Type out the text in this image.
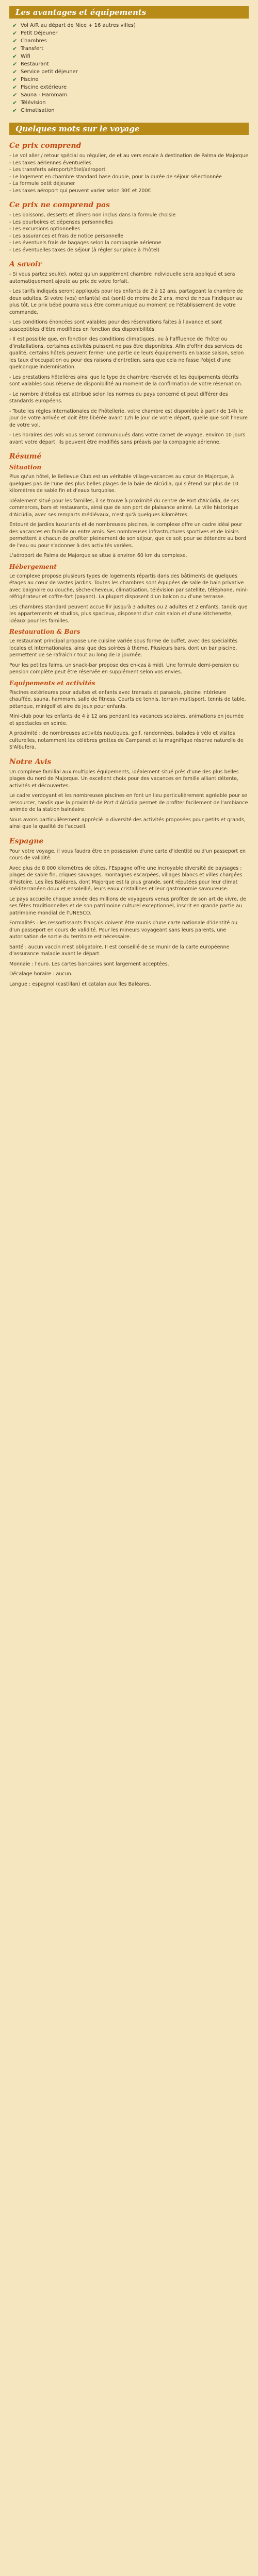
Les avantages et équipements
✔ Vol A/R au départ de Nice + 16 autres villes)
✔ Petit Déjeuner
✔ Chambres
✔ Transfert
✔ Wifi
✔ Restaurant
✔ Service petit déjeuner
✔ Piscine
✔ Piscine extérieure
✔ Sauna - Hammam
✔ Télévision
✔ Climatisation
Quelques mots sur le voyage
Ce prix comprend
- Le vol aller / retour spécial ou régulier, de et au vers escale à destination de Palma de Majorque
- Les taxes aériennes éventuelles
- Les transferts aéroport/hôtel/aéroport
- Le logement en chambre standard base double, pour la durée de séjour sélectionnée
- La formule petit déjeuner
- Les taxes aéroport qui peuvent varier selon 30€ et 200€
Ce prix ne comprend pas
- Les boissons, desserts et dîners non inclus dans la formule choisie
- Les pourboires et dépenses personnelles
- Les excursions optionnelles
- Les assurances et frais de notice personnelle
- Les éventuels frais de bagages selon la compagnie aérienne
- Les éventuelles taxes de séjour (à régler sur place à l'hôtel)
A savoir

- Si vous partez seul(e), notez qu'un supplément chambre individuelle sera appliqué et sera automatiquement ajouté au prix de votre forfait.

- Les tarifs indiqués seront appliqués pour les enfants de 2 à 12 ans, partageant la chambre de deux adultes. Si votre (vos) enfant(s) est (sont) de moins de 2 ans, merci de nous l'indiquer au plus tôt. Le prix bébé pourra vous être communiqué au moment de l'établissement de votre commande.

- Les conditions énoncées sont valables pour des réservations faites à l'avance et sont susceptibles d'être modifiées en fonction des disponibilités.

- Il est possible que, en fonction des conditions climatiques, ou à l'affluence de l'hôtel ou d'installations, certaines activités puissent ne pas être disponibles. Afin d'offrir des services de qualité, certains hôtels peuvent fermer une partie de leurs équipements en basse saison, selon les taux d'occupation ou pour des raisons d'entretien, sans que cela ne fasse l'objet d'une quelconque indemnisation.

- Les prestations hôtelières ainsi que le type de chambre réservée et les équipements décrits sont valables sous réserve de disponibilité au moment de la confirmation de votre réservation.

- Le nombre d'étoiles est attribué selon les normes du pays concerné et peut différer des standards européens.

- Toute les règles internationales de l'hôtellerie, votre chambre est disponible à partir de 14h le jour de votre arrivée et doit être libérée avant 12h le jour de votre départ, quelle que soit l'heure de votre vol.

- Les horaires des vols vous seront communiqués dans votre carnet de voyage, environ 10 jours avant votre départ. Ils peuvent être modifiés sans préavis par la compagnie aérienne.

Résumé
Situation

Plus qu'un hôtel, le Bellevue Club est un véritable village-vacances au cœur de Majorque, à quelques pas de l'une des plus belles plages de la baie de Alcúdia, qui s'étend sur plus de 10 kilomètres de sable fin et d'eaux turquoise.

Idéalement situé pour les familles, il se trouve à proximité du centre de Port d'Alcúdia, de ses commerces, bars et restaurants, ainsi que de son port de plaisance animé. La ville historique d'Alcúdia, avec ses remparts médiévaux, n'est qu'à quelques kilomètres.

Entouré de jardins luxuriants et de nombreuses piscines, le complexe offre un cadre idéal pour des vacances en famille ou entre amis. Ses nombreuses infrastructures sportives et de loisirs permettent à chacun de profiter pleinement de son séjour, que ce soit pour se détendre au bord de l'eau ou pour s'adonner à des activités variées.

L'aéroport de Palma de Majorque se situe à environ 60 km du complexe.

Hébergement

Le complexe propose plusieurs types de logements répartis dans des bâtiments de quelques étages au cœur de vastes jardins. Toutes les chambres sont équipées de salle de bain privative avec baignoire ou douche, sèche-cheveux, climatisation, télévision par satellite, téléphone, mini-réfrigérateur et coffre-fort (payant). La plupart disposent d'un balcon ou d'une terrasse.

Les chambres standard peuvent accueillir jusqu'à 3 adultes ou 2 adultes et 2 enfants, tandis que les appartements et studios, plus spacieux, disposent d'un coin salon et d'une kitchenette, idéaux pour les familles.

Restauration & Bars

Le restaurant principal propose une cuisine variée sous forme de buffet, avec des spécialités locales et internationales, ainsi que des soirées à thème. Plusieurs bars, dont un bar piscine, permettent de se rafraîchir tout au long de la journée.

Pour les petites faims, un snack-bar propose des en-cas à midi. Une formule demi-pension ou pension complète peut être réservée en supplément selon vos envies.

Equipements et activités

Piscines extérieures pour adultes et enfants avec transats et parasols, piscine intérieure chauffée, sauna, hammam, salle de fitness. Courts de tennis, terrain multisport, tennis de table, pétanque, minigolf et aire de jeux pour enfants.

Mini-club pour les enfants de 4 à 12 ans pendant les vacances scolaires, animations en journée et spectacles en soirée.

A proximité : de nombreuses activités nautiques, golf, randonnées, balades à vélo et visites culturelles, notamment les célèbres grottes de Campanet et la magnifique réserve naturelle de S'Albufera.

Notre Avis

Un complexe familial aux multiples équipements, idéalement situé près d'une des plus belles plages du nord de Majorque. Un excellent choix pour des vacances en famille alliant détente, activités et découvertes.

Le cadre verdoyant et les nombreuses piscines en font un lieu particulièrement agréable pour se ressourcer, tandis que la proximité de Port d'Alcúdia permet de profiter facilement de l'ambiance animée de la station balnéaire.

Nous avons particulièrement apprécié la diversité des activités proposées pour petits et grands, ainsi que la qualité de l'accueil.

Espagne

Pour votre voyage, il vous faudra être en possession d'une carte d'identité ou d'un passeport en cours de validité.

Avec plus de 8 000 kilomètres de côtes, l'Espagne offre une incroyable diversité de paysages : plages de sable fin, criques sauvages, montagnes escarpées, villages blancs et villes chargées d'histoire. Les îles Baléares, dont Majorque est la plus grande, sont réputées pour leur climat méditerranéen doux et ensoleillé, leurs eaux cristallines et leur gastronomie savoureuse.

Le pays accueille chaque année des millions de voyageurs venus profiter de son art de vivre, de ses fêtes traditionnelles et de son patrimoine culturel exceptionnel, inscrit en grande partie au patrimoine mondial de l'UNESCO.

Formalités : les ressortissants français doivent être munis d'une carte nationale d'identité ou d'un passeport en cours de validité. Pour les mineurs voyageant sans leurs parents, une autorisation de sortie du territoire est nécessaire.

Santé : aucun vaccin n'est obligatoire. Il est conseillé de se munir de la carte européenne d'assurance maladie avant le départ.

Monnaie : l'euro. Les cartes bancaires sont largement acceptées.

Décalage horaire : aucun.

Langue : espagnol (castillan) et catalan aux îles Baléares.
